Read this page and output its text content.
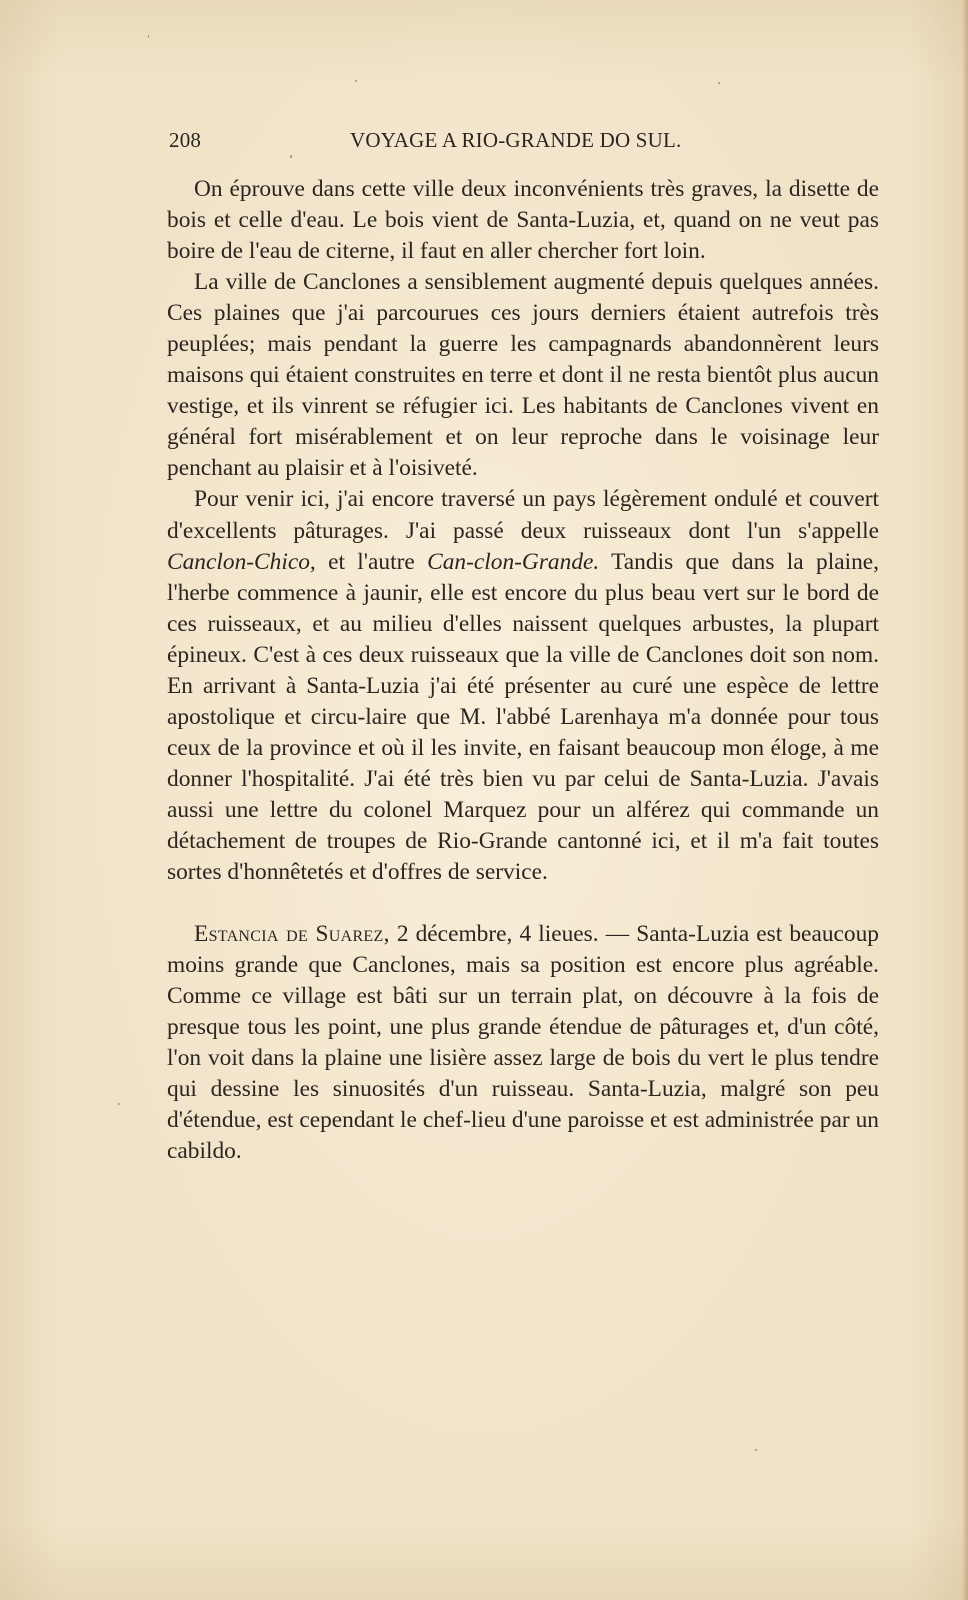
208	VOYAGE A RIO-GRANDE DO SUL.

On éprouve dans cette ville deux inconvénients très graves, la disette de bois et celle d'eau. Le bois vient de Santa-Luzia, et, quand on ne veut pas boire de l'eau de citerne, il faut en aller chercher fort loin.

La ville de Canclones a sensiblement augmenté depuis quelques années. Ces plaines que j'ai parcourues ces jours derniers étaient autrefois très peuplées; mais pendant la guerre les campagnards abandonnèrent leurs maisons qui étaient construites en terre et dont il ne resta bientôt plus aucun vestige, et ils vinrent se réfugier ici. Les habitants de Canclones vivent en général fort misérablement et on leur reproche dans le voisinage leur penchant au plaisir et à l'oisiveté.

Pour venir ici, j'ai encore traversé un pays légèrement ondulé et couvert d'excellents pâturages. J'ai passé deux ruisseaux dont l'un s'appelle Canclon-Chico, et l'autre Can-clon-Grande. Tandis que dans la plaine, l'herbe commence à jaunir, elle est encore du plus beau vert sur le bord de ces ruisseaux, et au milieu d'elles naissent quelques arbustes, la plupart épineux. C'est à ces deux ruisseaux que la ville de Canclones doit son nom. En arrivant à Santa-Luzia j'ai été présenter au curé une espèce de lettre apostolique et circu-laire que M. l'abbé Larenhaya m'a donnée pour tous ceux de la province et où il les invite, en faisant beaucoup mon éloge, à me donner l'hospitalité. J'ai été très bien vu par celui de Santa-Luzia. J'avais aussi une lettre du colonel Marquez pour un alférez qui commande un détachement de troupes de Rio-Grande cantonné ici, et il m'a fait toutes sortes d'honnêtetés et d'offres de service.

Estancia de Suarez, 2 décembre, 4 lieues. — Santa-Luzia est beaucoup moins grande que Canclones, mais sa position est encore plus agréable. Comme ce village est bâti sur un terrain plat, on découvre à la fois de presque tous les point, une plus grande étendue de pâturages et, d'un côté, l'on voit dans la plaine une lisière assez large de bois du vert le plus tendre qui dessine les sinuosités d'un ruisseau. Santa-Luzia, malgré son peu d'étendue, est cependant le chef-lieu d'une paroisse et est administrée par un cabildo.
